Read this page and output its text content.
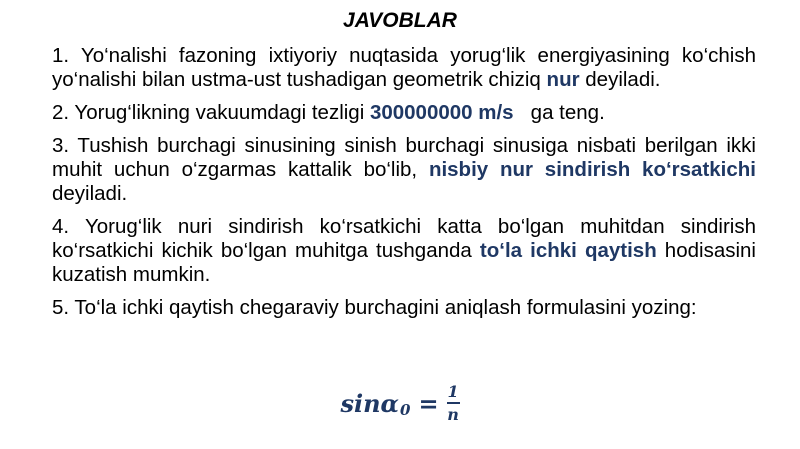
JAVOBLAR
1. Yo‘nalishi fazoning ixtiyoriy nuqtasida yorug‘lik energiyasining ko‘chish yo‘nalishi bilan ustma-ust tushadigan geometrik chiziq nur deyiladi.
2. Yorug‘likning vakuumdagi tezligi 300000000 m/s   ga teng.
3. Tushish burchagi sinusining sinish burchagi sinusiga nisbati berilgan ikki muhit uchun o‘zgarmas kattalik bo‘lib, nisbiy nur sindirish ko‘rsatkichi deyiladi.
4. Yorug‘lik nuri sindirish ko‘rsatkichi katta bo‘lgan muhitdan sindirish ko‘rsatkichi kichik bo‘lgan muhitga tushganda to‘la ichki qaytish hodisasini kuzatish mumkin.
5. To‘la ichki qaytish chegaraviy burchagini aniqlash formulasini yozing:
sinα $0 = \frac{1}{n}$
